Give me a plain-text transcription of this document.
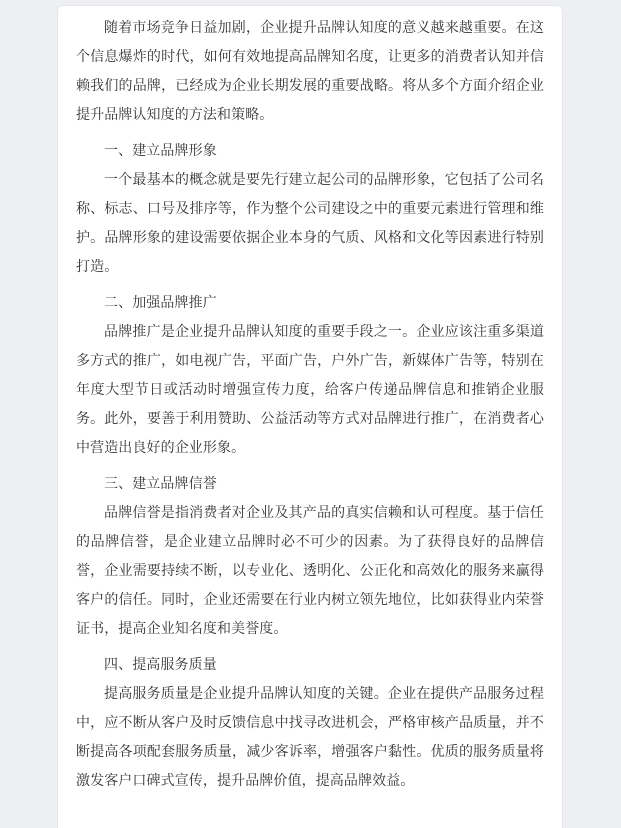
随着市场竞争日益加剧，企业提升品牌认知度的意义越来越重要。在这个信息爆炸的时代，如何有效地提高品牌知名度，让更多的消费者认知并信赖我们的品牌，已经成为企业长期发展的重要战略。将从多个方面介绍企业提升品牌认知度的方法和策略。

一、建立品牌形象

一个最基本的概念就是要先行建立起公司的品牌形象，它包括了公司名称、标志、口号及排序等，作为整个公司建设之中的重要元素进行管理和维护。品牌形象的建设需要依据企业本身的气质、风格和文化等因素进行特别打造。

二、加强品牌推广

品牌推广是企业提升品牌认知度的重要手段之一。企业应该注重多渠道多方式的推广，如电视广告，平面广告，户外广告，新媒体广告等，特别在年度大型节日或活动时增强宣传力度，给客户传递品牌信息和推销企业服务。此外，要善于利用赞助、公益活动等方式对品牌进行推广，在消费者心中营造出良好的企业形象。

三、建立品牌信誉

品牌信誉是指消费者对企业及其产品的真实信赖和认可程度。基于信任的品牌信誉，是企业建立品牌时必不可少的因素。为了获得良好的品牌信誉，企业需要持续不断，以专业化、透明化、公正化和高效化的服务来赢得客户的信任。同时，企业还需要在行业内树立领先地位，比如获得业内荣誉证书，提高企业知名度和美誉度。

四、提高服务质量

提高服务质量是企业提升品牌认知度的关键。企业在提供产品服务过程中，应不断从客户及时反馈信息中找寻改进机会，严格审核产品质量，并不断提高各项配套服务质量，减少客诉率，增强客户黏性。优质的服务质量将激发客户口碑式宣传，提升品牌价值，提高品牌效益。
